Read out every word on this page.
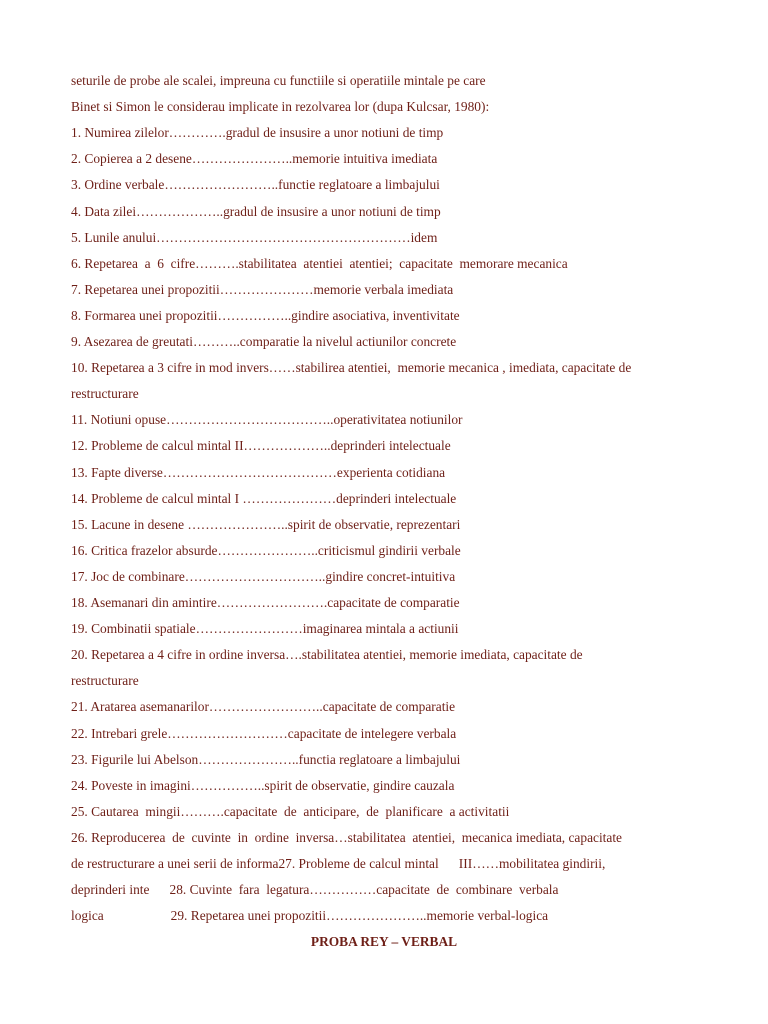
seturile de probe ale scalei, impreuna cu functiile si operatiile mintale pe care
Binet si Simon le considerau implicate in rezolvarea lor (dupa Kulcsar, 1980):
1. Numirea zilelor………….gradul de insusire a unor notiuni de timp
2. Copierea a 2 desene…………………..memorie intuitiva imediata
3. Ordine verbale……………………..functie reglatoare a limbajului
4. Data zilei………………..gradul de insusire a unor notiuni de timp
5. Lunile anului…………………………………………………idem
6. Repetarea  a  6  cifre……….stabilitatea  atentiei  atentiei;  capacitate  memorare mecanica
7. Repetarea unei propozitii…………………memorie verbala imediata
8. Formarea unei propozitii……………..gindire asociativa, inventivitate
9. Asezarea de greutati………..comparatie la nivelul actiunilor concrete
10. Repetarea a 3 cifre in mod invers……stabilirea atentiei,  memorie mecanica , imediata, capacitate de
restructurare
11. Notiuni opuse………………………………..operativitatea notiunilor
12. Probleme de calcul mintal II………………..deprinderi intelectuale
13. Fapte diverse…………………………………experienta cotidiana
14. Probleme de calcul mintal I …………………deprinderi intelectuale
15. Lacune in desene …………………..spirit de observatie, reprezentari
16. Critica frazelor absurde…………………..criticismul gindirii verbale
17. Joc de combinare…………………………..gindire concret-intuitiva
18. Asemanari din amintire…………………….capacitate de comparatie
19. Combinatii spatiale……………………imaginarea mintala a actiunii
20. Repetarea a 4 cifre in ordine inversa….stabilitatea atentiei, memorie imediata, capacitate de
restructurare
21. Aratarea asemanarilor……………………..capacitate de comparatie
22. Intrebari grele………………………capacitate de intelegere verbala
23. Figurile lui Abelson…………………..functia reglatoare a limbajului
24. Poveste in imagini……………..spirit de observatie, gindire cauzala
25. Cautarea  mingii……….capacitate  de  anticipare,  de  planificare  a activitatii
26. Reproducerea  de  cuvinte  in  ordine  inversa…stabilitatea  atentiei,  mecanica imediata, capacitate
de restructurare a unei serii de informa27. Probleme de calcul mintal      III……mobilitatea gindirii,
deprinderi inte      28. Cuvinte  fara  legatura……………capacitate  de  combinare  verbala
logica                    29. Repetarea unei propozitii…………………..memorie verbal-logica
PROBA REY – VERBAL
